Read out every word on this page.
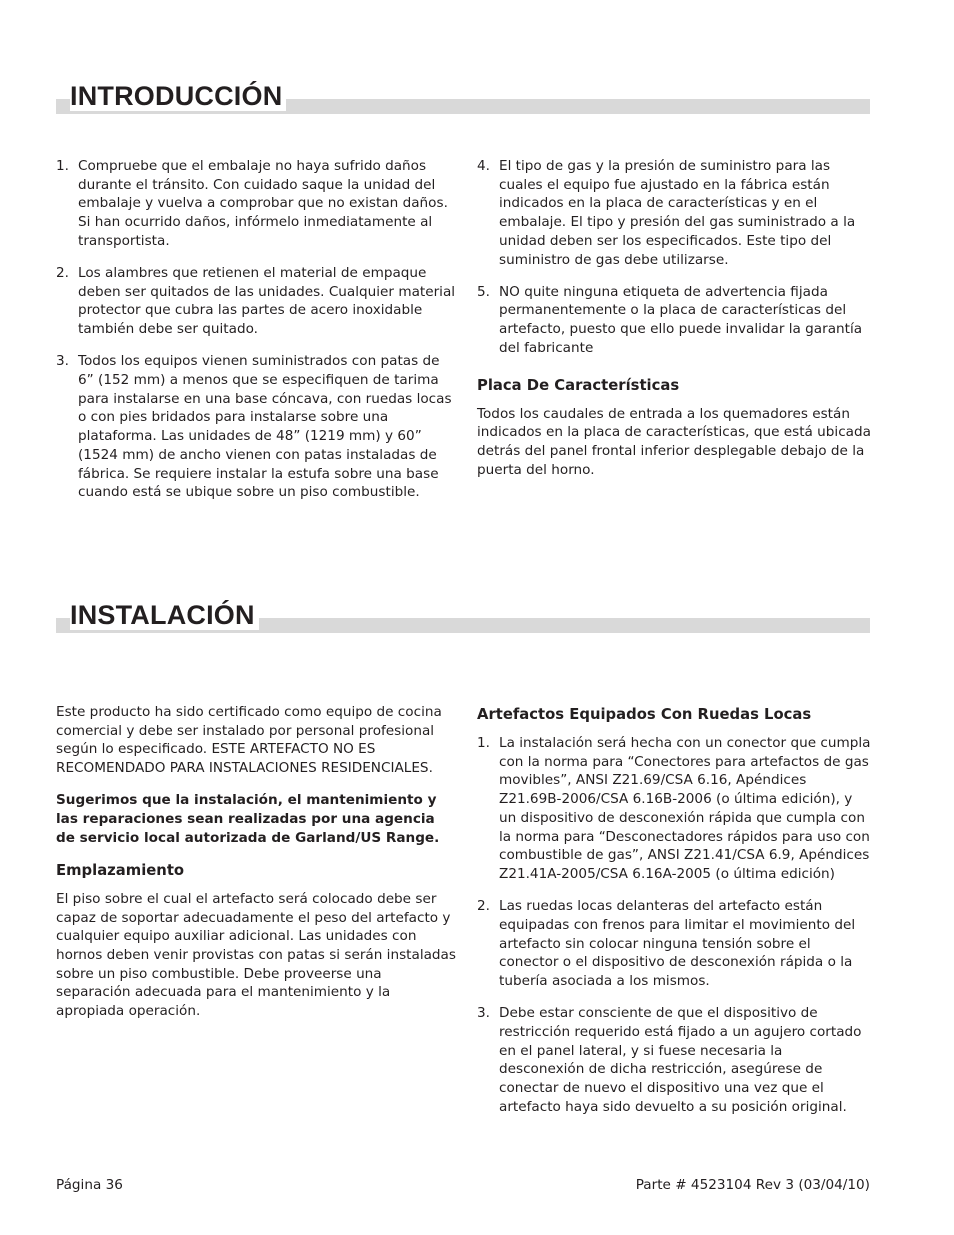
INTRODUCCIÓN
1. Compruebe que el embalaje no haya sufrido daños durante el tránsito. Con cuidado saque la unidad del embalaje y vuelva a comprobar que no existan daños. Si han ocurrido daños, infórmelo inmediatamente al transportista.
2. Los alambres que retienen el material de empaque deben ser quitados de las unidades. Cualquier material protector que cubra las partes de acero inoxidable también debe ser quitado.
3. Todos los equipos vienen suministrados con patas de 6” (152 mm) a menos que se especifiquen de tarima para instalarse en una base cóncava, con ruedas locas o con pies bridados para instalarse sobre una plataforma. Las unidades de 48” (1219 mm) y 60” (1524 mm) de ancho vienen con patas instaladas de fábrica. Se requiere instalar la estufa sobre una base cuando está se ubique sobre un piso combustible.
4. El tipo de gas y la presión de suministro para las cuales el equipo fue ajustado en la fábrica están indicados en la placa de características y en el embalaje. El tipo y presión del gas suministrado a la unidad deben ser los especificados. Este tipo del suministro de gas debe utilizarse.
5. NO quite ninguna etiqueta de advertencia fijada permanentemente o la placa de características del artefacto, puesto que ello puede invalidar la garantía del fabricante
Placa De Características

Todos los caudales de entrada a los quemadores están indicados en la placa de características, que está ubicada detrás del panel frontal inferior desplegable debajo de la puerta del horno.

INSTALACIÓN

Este producto ha sido certificado como equipo de cocina comercial y debe ser instalado por personal profesional según lo especificado. ESTE ARTEFACTO NO ES RECOMENDADO PARA INSTALACIONES RESIDENCIALES.

Sugerimos que la instalación, el mantenimiento y las reparaciones sean realizadas por una agencia de servicio local autorizada de Garland/US Range.

Emplazamiento

El piso sobre el cual el artefacto será colocado debe ser capaz de soportar adecuadamente el peso del artefacto y cualquier equipo auxiliar adicional. Las unidades con hornos deben venir provistas con patas si serán instaladas sobre un piso combustible. Debe proveerse una separación adecuada para el mantenimiento y la apropiada operación.

Artefactos Equipados Con Ruedas Locas
1. La instalación será hecha con un conector que cumpla con la norma para “Conectores para artefactos de gas movibles”, ANSI Z21.69/CSA 6.16, Apéndices Z21.69B-2006/CSA 6.16B-2006 (o última edición), y un dispositivo de desconexión rápida que cumpla con la norma para “Desconectadores rápidos para uso con combustible de gas”, ANSI Z21.41/CSA 6.9, Apéndices Z21.41A-2005/CSA 6.16A-2005 (o última edición)
2. Las ruedas locas delanteras del artefacto están equipadas con frenos para limitar el movimiento del artefacto sin colocar ninguna tensión sobre el conector o el dispositivo de desconexión rápida o la tubería asociada a los mismos.
3. Debe estar consciente de que el dispositivo de restricción requerido está fijado a un agujero cortado en el panel lateral, y si fuese necesaria la desconexión de dicha restricción, asegúrese de conectar de nuevo el dispositivo una vez que el artefacto haya sido devuelto a su posición original.
Página 36	Parte # 4523104 Rev 3 (03/04/10)
